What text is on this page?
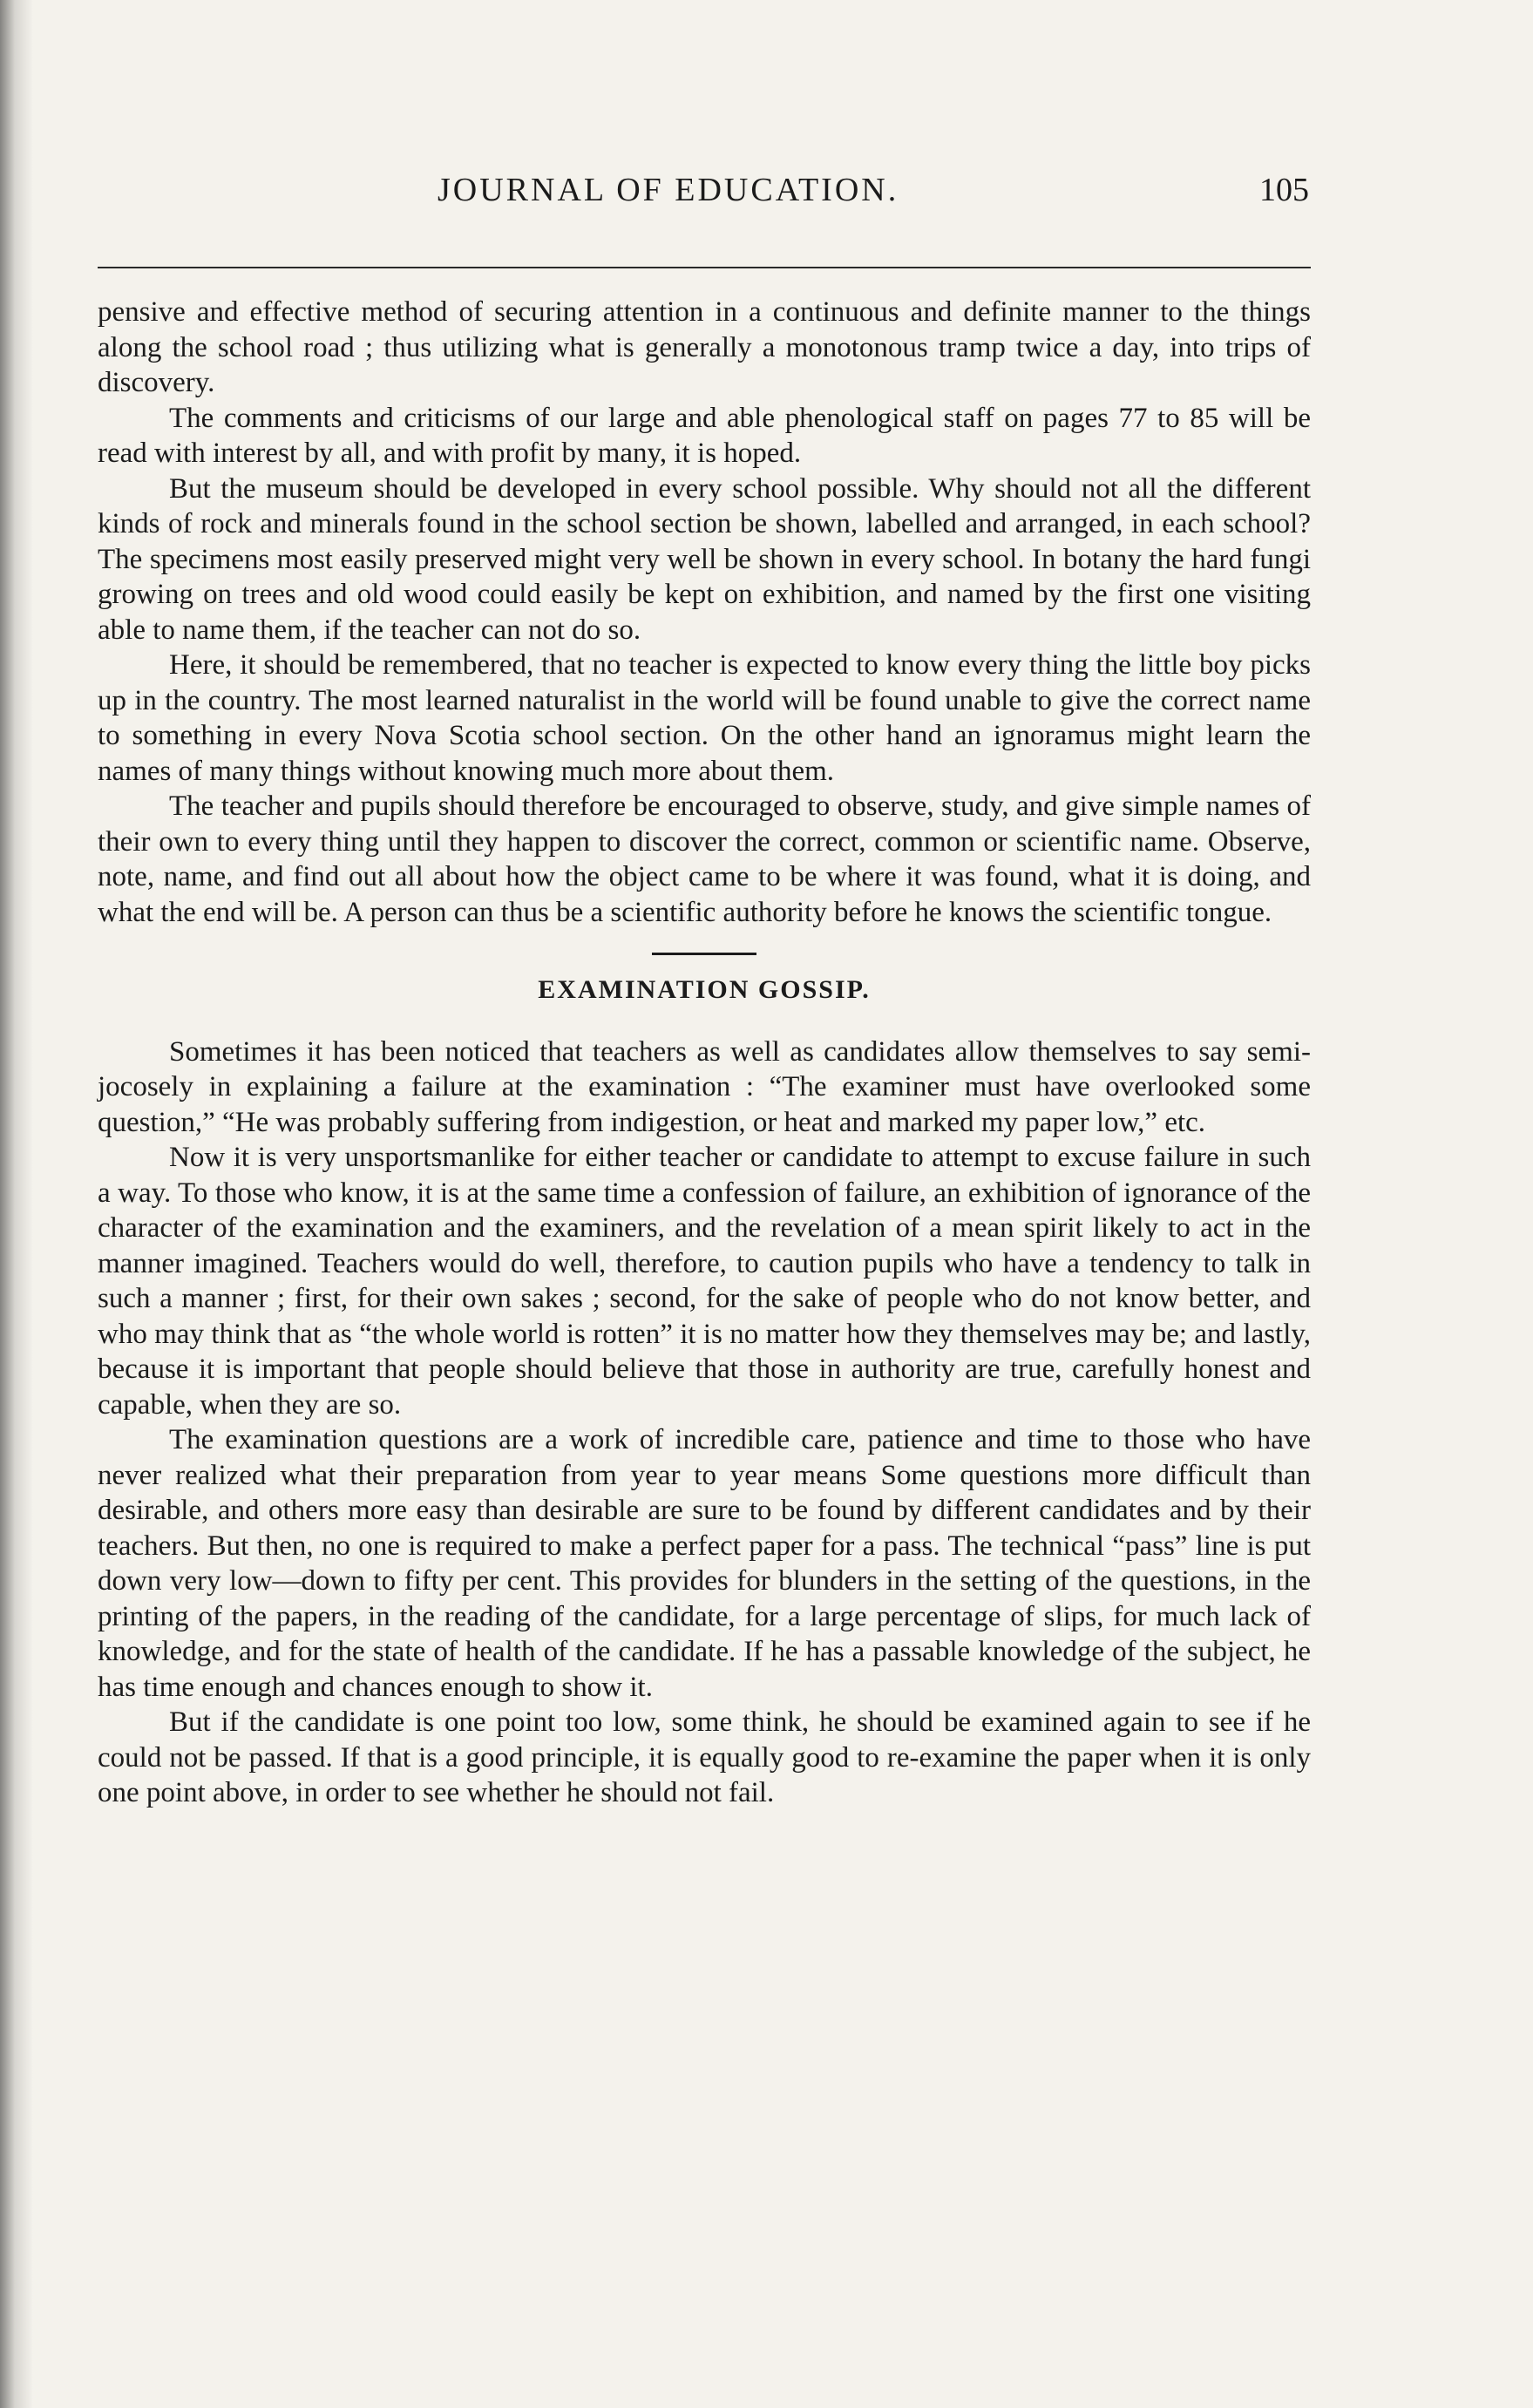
JOURNAL OF EDUCATION.	105

pensive and effective method of securing attention in a continuous and definite manner to the things along the school road ; thus utilizing what is generally a monotonous tramp twice a day, into trips of discovery.

The comments and criticisms of our large and able phenological staff on pages 77 to 85 will be read with interest by all, and with profit by many, it is hoped.

But the museum should be developed in every school possible. Why should not all the different kinds of rock and minerals found in the school section be shown, labelled and arranged, in each school? The specimens most easily preserved might very well be shown in every school. In botany the hard fungi growing on trees and old wood could easily be kept on exhibition, and named by the first one visiting able to name them, if the teacher can not do so.

Here, it should be remembered, that no teacher is expected to know every thing the little boy picks up in the country. The most learned naturalist in the world will be found unable to give the correct name to something in every Nova Scotia school section. On the other hand an ignoramus might learn the names of many things without knowing much more about them.

The teacher and pupils should therefore be encouraged to observe, study, and give simple names of their own to every thing until they happen to discover the correct, common or scientific name. Observe, note, name, and find out all about how the object came to be where it was found, what it is doing, and what the end will be. A person can thus be a scientific authority before he knows the scientific tongue.

EXAMINATION GOSSIP.

Sometimes it has been noticed that teachers as well as candidates allow themselves to say semi-jocosely in explaining a failure at the examination : “The examiner must have overlooked some question,” “He was probably suffering from indigestion, or heat and marked my paper low,” etc.

Now it is very unsportsmanlike for either teacher or candidate to attempt to excuse failure in such a way. To those who know, it is at the same time a confession of failure, an exhibition of ignorance of the character of the examination and the examiners, and the revelation of a mean spirit likely to act in the manner imagined. Teachers would do well, therefore, to caution pupils who have a tendency to talk in such a manner ; first, for their own sakes ; second, for the sake of people who do not know better, and who may think that as “the whole world is rotten” it is no matter how they themselves may be; and lastly, because it is important that people should believe that those in authority are true, carefully honest and capable, when they are so.

The examination questions are a work of incredible care, patience and time to those who have never realized what their preparation from year to year means Some questions more difficult than desirable, and others more easy than desirable are sure to be found by different candidates and by their teachers. But then, no one is required to make a perfect paper for a pass. The technical “pass” line is put down very low—down to fifty per cent. This provides for blunders in the setting of the questions, in the printing of the papers, in the reading of the candidate, for a large percentage of slips, for much lack of knowledge, and for the state of health of the candidate. If he has a passable knowledge of the subject, he has time enough and chances enough to show it.

But if the candidate is one point too low, some think, he should be examined again to see if he could not be passed. If that is a good principle, it is equally good to re-examine the paper when it is only one point above, in order to see whether he should not fail.
